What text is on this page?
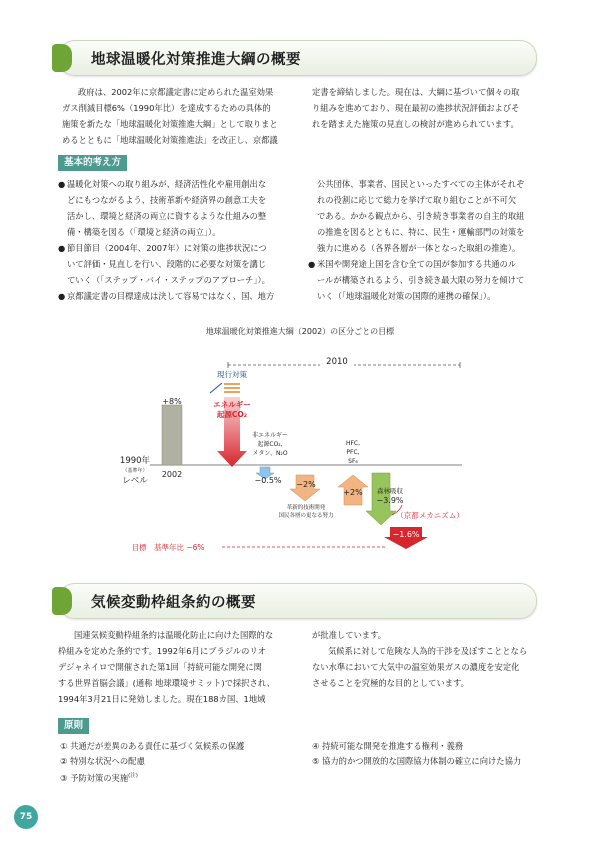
地球温暖化対策推進大綱の概要
政府は、2002年に京都議定書に定められた温室効果
ガス削減目標6%（1990年比）を達成するための具体的
施策を新たな「地球温暖化対策推進大綱」として取りまと
めるとともに「地球温暖化対策推進法」を改正し、京都議
定書を締結しました。現在は、大綱に基づいて個々の取
り組みを進めており、現在最初の進捗状況評価およびそ
れを踏まえた施策の見直しの検討が進められています。
基本的考え方
● 温暖化対策への取り組みが、経済活性化や雇用創出な
どにもつながるよう、技術革新や経済界の創意工夫を
活かし、環境と経済の両立に資するような仕組みの整
備・構築を図る（「環境と経済の両立」）。
● 節目節目（2004年、2007年）に対策の進捗状況につ
いて評価・見直しを行い、段階的に必要な対策を講じ
ていく（「ステップ・バイ・ステップのアプローチ」）。
● 京都議定書の目標達成は決して容易ではなく、国、地方
公共団体、事業者、国民といったすべての主体がそれぞ
れの役割に応じて総力を挙げて取り組むことが不可欠
である。かかる観点から、引き続き事業者の自主的取組
の推進を図るとともに、特に、民生・運輸部門の対策を
強力に進める（各界各層が一体となった取組の推進）。
● 米国や開発途上国を含む全ての国が参加する共通のル
ールが構築されるよう、引き続き最大限の努力を傾けて
いく（「地球温暖化対策の国際的連携の確保」）。
地球温暖化対策推進大綱（2002）の区分ごとの目標
2010
1990年
（基準年）
レベル
+8%
2002
現行対策
エネルギー
起源CO₂
非エネルギー
起源CO₂,
メタン、N₂O
−0.5% −2%
革新的技術開発
国民各層の更なる努力
+2%
HFC,
PFC,
SF₆
森林吸収
−3.9%
（京都メカニズム）
−1.6%
目標　基準年比 −6%
気候変動枠組条約の概要
国連気候変動枠組条約は温暖化防止に向けた国際的な
枠組みを定めた条約です。1992年6月にブラジルのリオ
デジャネイロで開催された第1回「持続可能な開発に関
する世界首脳会議」(通称 地球環境サミット)で採択され、
1994年3月21日に発効しました。現在188カ国、1地域
が批准しています。
気候系に対して危険な人為的干渉を及ぼすこととなら
ない水準において大気中の温室効果ガスの濃度を安定化
させることを究極的な目的としています。
原則
① 共通だが差異のある責任に基づく気候系の保護
② 特別な状況への配慮
③ 予防対策の実施$^{(注)}$
④ 持続可能な開発を推進する権利・義務
⑤ 協力的かつ開放的な国際協力体制の確立に向けた協力
75
